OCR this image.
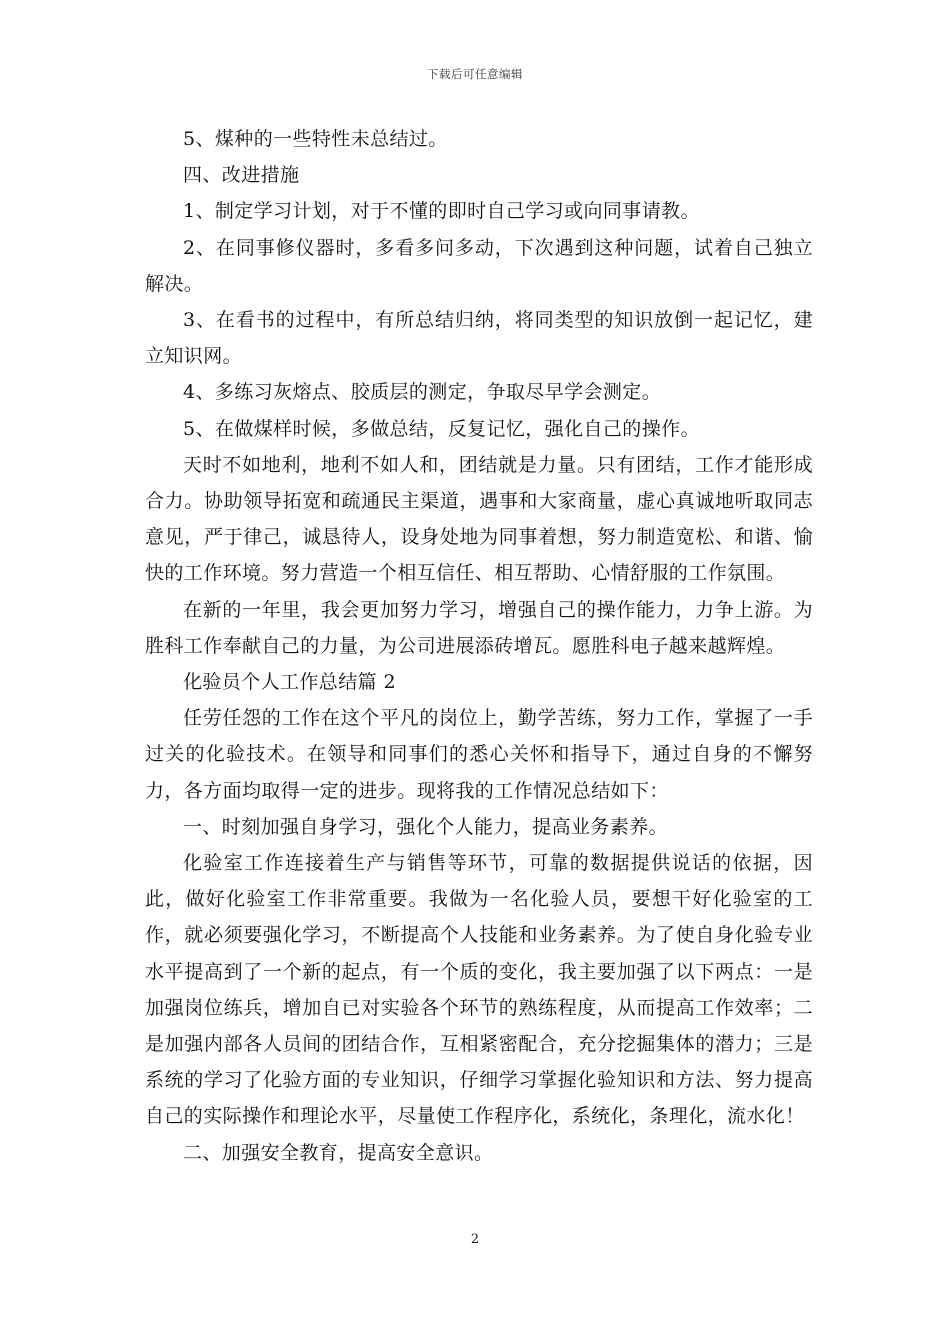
下载后可任意编辑

5、煤种的一些特性未总结过。

四、改进措施

1、制定学习计划，对于不懂的即时自己学习或向同事请教。

2、在同事修仪器时，多看多问多动，下次遇到这种问题，试着自己独立解决。

3、在看书的过程中，有所总结归纳，将同类型的知识放倒一起记忆，建立知识网。

4、多练习灰熔点、胶质层的测定，争取尽早学会测定。

5、在做煤样时候，多做总结，反复记忆，强化自己的操作。

天时不如地利，地利不如人和，团结就是力量。只有团结，工作才能形成合力。协助领导拓宽和疏通民主渠道，遇事和大家商量，虚心真诚地听取同志意见，严于律己，诚恳待人，设身处地为同事着想，努力制造宽松、和谐、愉快的工作环境。努力营造一个相互信任、相互帮助、心情舒服的工作氛围。

在新的一年里，我会更加努力学习，增强自己的操作能力，力争上游。为胜科工作奉献自己的力量，为公司进展添砖增瓦。愿胜科电子越来越辉煌。

化验员个人工作总结篇 2

任劳任怨的工作在这个平凡的岗位上，勤学苦练，努力工作，掌握了一手过关的化验技术。在领导和同事们的悉心关怀和指导下，通过自身的不懈努力，各方面均取得一定的进步。现将我的工作情况总结如下：

一、时刻加强自身学习，强化个人能力，提高业务素养。

化验室工作连接着生产与销售等环节，可靠的数据提供说话的依据，因此，做好化验室工作非常重要。我做为一名化验人员，要想干好化验室的工作，就必须要强化学习，不断提高个人技能和业务素养。为了使自身化验专业水平提高到了一个新的起点，有一个质的变化，我主要加强了以下两点：一是加强岗位练兵，增加自已对实验各个环节的熟练程度，从而提高工作效率；二是加强内部各人员间的团结合作，互相紧密配合，充分挖掘集体的潜力；三是系统的学习了化验方面的专业知识，仔细学习掌握化验知识和方法、努力提高自己的实际操作和理论水平，尽量使工作程序化，系统化，条理化，流水化！

二、加强安全教育，提高安全意识。

2
